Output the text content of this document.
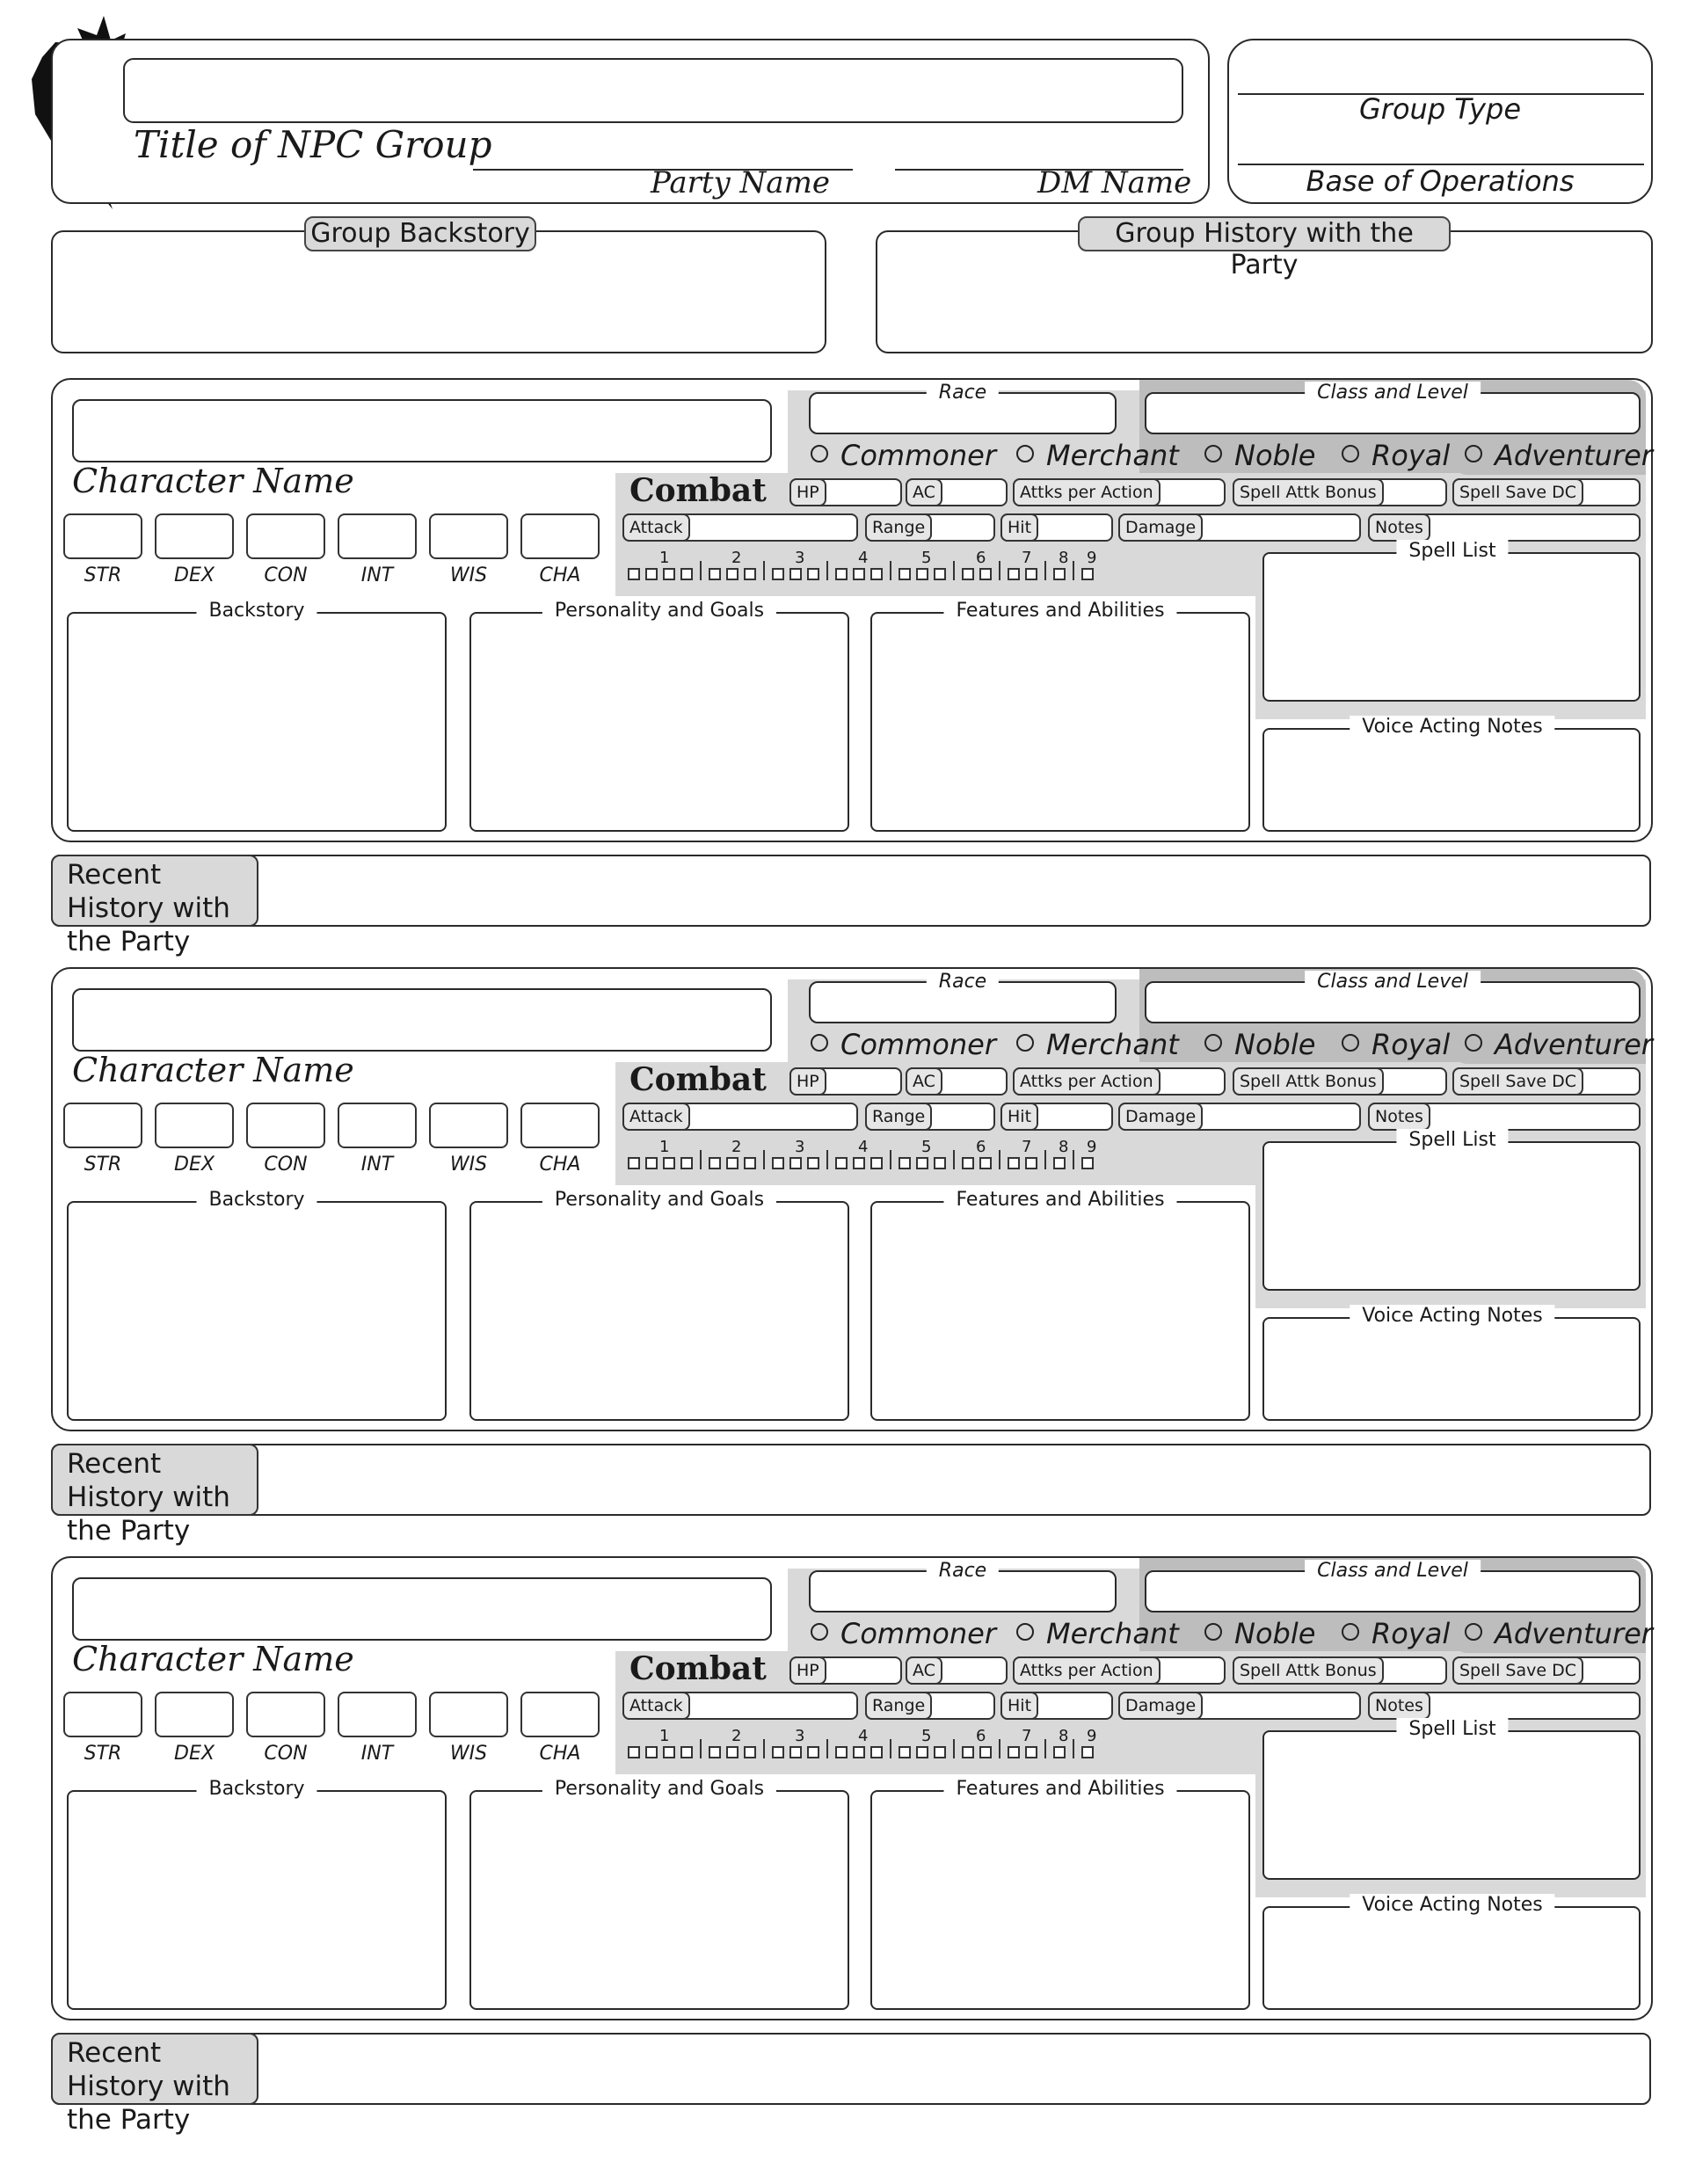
Title of NPC Group
Party Name	DM Name
Group Type
Base of Operations
Group Backstory	Group History with the Party
Character Name
Race	Class and Level
Commoner	Merchant	Noble	Royal	Adventurer
Combat	HP	AC	Attks per Action	Spell Attk Bonus	Spell Save DC
Attack	Range	Hit	Damage	Notes
1	2	3	4	5	6 7 8 9
STR	DEX	CON	INT	WIS	CHA
Backstory	Personality and Goals	Features and Abilities
Spell List
Voice Acting Notes
Recent History with the Party
Character Name
Race	Class and Level
Commoner	Merchant	Noble	Royal	Adventurer
Combat	HP	AC	Attks per Action	Spell Attk Bonus	Spell Save DC
Attack	Range	Hit	Damage	Notes
1	2	3	4	5	6 7 8 9
STR	DEX	CON	INT	WIS	CHA
Backstory	Personality and Goals	Features and Abilities
Spell List
Voice Acting Notes
Recent History with the Party
Character Name
Race	Class and Level
Commoner	Merchant	Noble	Royal	Adventurer
Combat	HP	AC	Attks per Action	Spell Attk Bonus	Spell Save DC
Attack	Range	Hit	Damage	Notes
1	2	3	4	5	6 7 8 9
STR	DEX	CON	INT	WIS	CHA
Backstory	Personality and Goals	Features and Abilities
Spell List
Voice Acting Notes
Recent History with the Party
